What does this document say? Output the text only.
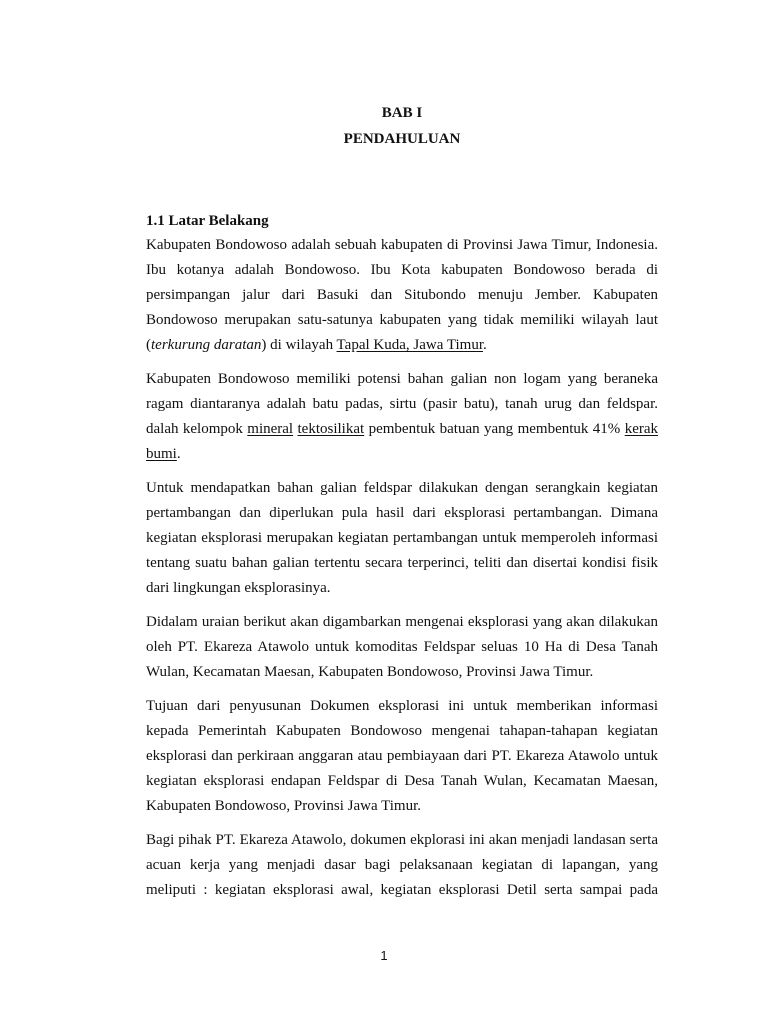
BAB I
PENDAHULUAN
1.1 Latar Belakang

Kabupaten Bondowoso adalah sebuah kabupaten di Provinsi Jawa Timur, Indonesia. Ibu kotanya adalah Bondowoso. Ibu Kota kabupaten Bondowoso berada di persimpangan jalur dari Basuki dan Situbondo menuju Jember. Kabupaten Bondowoso merupakan satu-satunya kabupaten yang tidak memiliki wilayah laut (terkurung daratan) di wilayah Tapal Kuda, Jawa Timur.

Kabupaten Bondowoso memiliki potensi bahan galian non logam yang beraneka ragam diantaranya adalah batu padas, sirtu (pasir batu), tanah urug dan feldspar. dalah kelompok mineral tektosilikat pembentuk batuan yang membentuk 41% kerak bumi.

Untuk mendapatkan bahan galian feldspar dilakukan dengan serangkain kegiatan pertambangan dan diperlukan pula hasil dari eksplorasi pertambangan. Dimana kegiatan eksplorasi merupakan kegiatan pertambangan untuk memperoleh informasi tentang suatu bahan galian tertentu secara terperinci, teliti dan disertai kondisi fisik dari lingkungan eksplorasinya.

Didalam uraian berikut akan digambarkan mengenai eksplorasi yang akan dilakukan oleh PT. Ekareza Atawolo untuk komoditas Feldspar seluas 10 Ha di Desa Tanah Wulan, Kecamatan Maesan, Kabupaten Bondowoso, Provinsi Jawa Timur.

Tujuan dari penyusunan Dokumen eksplorasi ini untuk memberikan informasi kepada Pemerintah Kabupaten Bondowoso mengenai tahapan-tahapan kegiatan eksplorasi dan perkiraan anggaran atau pembiayaan dari PT. Ekareza Atawolo untuk kegiatan eksplorasi endapan Feldspar di Desa Tanah Wulan, Kecamatan Maesan, Kabupaten Bondowoso, Provinsi Jawa Timur.

Bagi pihak PT. Ekareza Atawolo, dokumen ekplorasi ini akan menjadi landasan serta acuan kerja yang menjadi dasar bagi pelaksanaan kegiatan di lapangan, yang meliputi : kegiatan eksplorasi awal, kegiatan eksplorasi Detil serta sampai pada

1
